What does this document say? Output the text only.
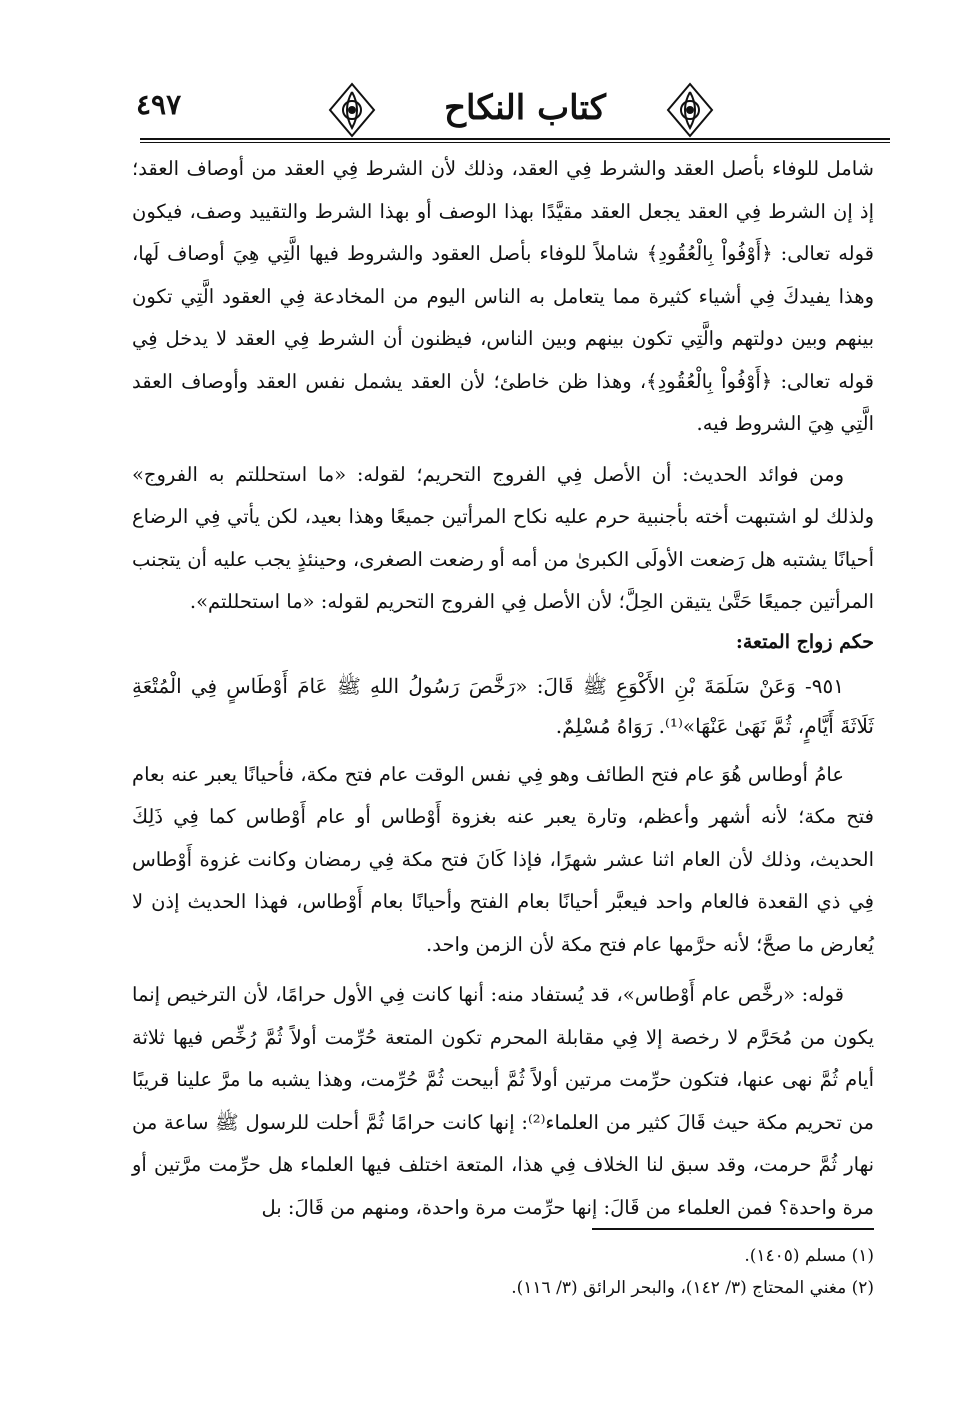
٤٩٧	كتاب النكاح

شامل للوفاء بأصل العقد والشرط فِي العقد، وذلك لأن الشرط فِي العقد من أوصاف العقد؛ إذ إن الشرط فِي العقد يجعل العقد مقيَّدًا بهذا الوصف أو بهذا الشرط والتقييد وصف، فيكون قوله تعالى: ﴿أَوْفُواْ بِالْعُقُودِ﴾ شاملاً للوفاء بأصل العقود والشروط فيها الَّتِي هِيَ أوصاف لَها، وهذا يفيدكَ فِي أشياء كثيرة مما يتعامل به الناس اليوم من المخادعة فِي العقود الَّتِي تكون بينهم وبين دولتهم والَّتِي تكون بينهم وبين الناس، فيظنون أن الشرط فِي العقد لا يدخل فِي قوله تعالى: ﴿أَوْفُواْ بِالْعُقُودِ﴾، وهذا ظن خاطئ؛ لأن العقد يشمل نفس العقد وأوصاف العقد الَّتِي هِيَ الشروط فيه.

ومن فوائد الحديث: أن الأصل فِي الفروج التحريم؛ لقوله: «ما استحللتم به الفروج» ولذلك لو اشتبهت أخته بأجنبية حرم عليه نكاح المرأتين جميعًا وهذا بعيد، لكن يأتي فِي الرضاع أحيانًا يشتبه هل رَضعت الأولَى الكبرىٰ من أمه أو رضعت الصغرى، وحينئذٍ يجب عليه أن يتجنب المرأتين جميعًا حَتَّىٰ يتيقن الحِلَّ؛ لأن الأصل فِي الفروج التحريم لقوله: «ما استحللتم».

حكم زواج المتعة:

٩٥١- وَعَنْ سَلَمَةَ بْنِ الأَكْوَعِ ﷺ قَالَ: «رَخَّصَ رَسُولُ اللهِ ﷺ عَامَ أَوْطَاسٍ فِي الْمُتْعَةِ ثَلَاثَةَ أَيَّامٍ، ثُمَّ نَهَىٰ عَنْهَا»⁽¹⁾. رَوَاهُ مُسْلِمٌ.

عامُ أوطاس هُوَ عام فتح الطائف وهو فِي نفس الوقت عام فتح مكة، فأحيانًا يعبر عنه بعام فتح مكة؛ لأنه أشهر وأعظم، وتارة يعبر عنه بغزوة أَوْطاس أو عام أَوْطاس كما فِي ذَلِكَ الحديث، وذلك لأن العام اثنا عشر شهرًا، فإذا كَانَ فتح مكة فِي رمضان وكانت غزوة أَوْطاس فِي ذي القعدة فالعام واحد فيعبَّر أحيانًا بعام الفتح وأحيانًا بعام أَوْطاس، فهذا الحديث إذن لا يُعارض ما صحَّ؛ لأنه حرَّمها عام فتح مكة لأن الزمن واحد.

قوله: «رخَّص عام أَوْطاس»، قد يُستفاد منه: أنها كانت فِي الأول حرامًا، لأن الترخيص إنما يكون من مُحَرَّم لا رخصة إلا فِي مقابلة المحرم تكون المتعة حُرِّمت أولاً ثُمَّ رُخِّص فيها ثلاثة أيام ثُمَّ نهى عنها، فتكون حرِّمت مرتين أولاً ثُمَّ أبيحت ثُمَّ حُرِّمت، وهذا يشبه ما مرَّ علينا قريبًا من تحريم مكة حيث قَالَ كثير من العلماء⁽²⁾: إنها كانت حرامًا ثُمَّ أحلت للرسول ﷺ ساعة من نهار ثُمَّ حرمت، وقد سبق لنا الخلاف فِي هذا، المتعة اختلف فيها العلماء هل حرِّمت مرَّتين أو مرة واحدة؟ فمن العلماء من قَالَ: إنها حرِّمت مرة واحدة، ومنهم من قَالَ: بل

(١) مسلم (١٤٠٥).

(٢) مغني المحتاج (٣/ ١٤٢)، والبحر الرائق (٣/ ١١٦).
